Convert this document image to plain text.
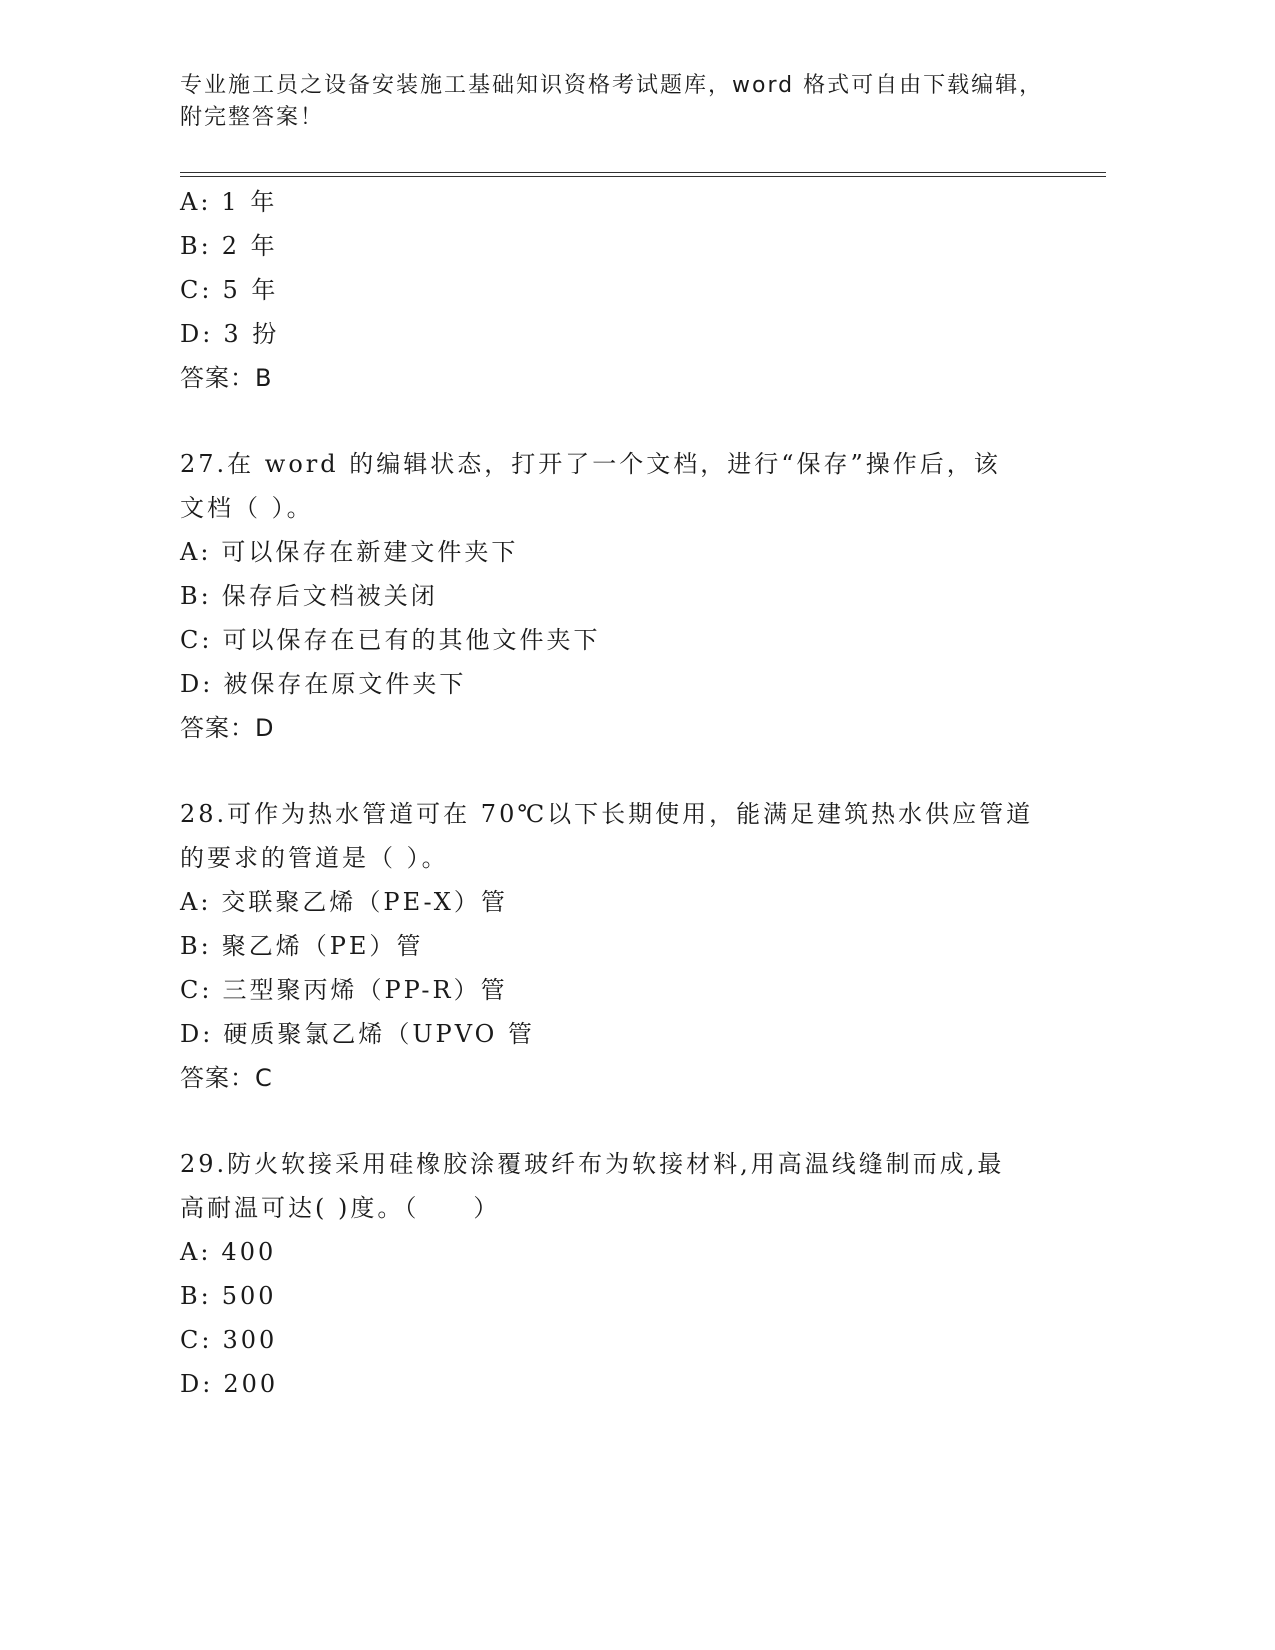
专业施工员之设备安装施工基础知识资格考试题库，word 格式可自由下载编辑，
附完整答案！
A: 1 年
B: 2 年
C: 5 年
D: 3 扮
答案：B
27.在 word 的编辑状态，打开了一个文档，进行“保存”操作后，该
文档（ ）。
A: 可以保存在新建文件夹下
B: 保存后文档被关闭
C: 可以保存在已有的其他文件夹下
D: 被保存在原文件夹下
答案：D
28.可作为热水管道可在 70℃以下长期使用，能满足建筑热水供应管道
的要求的管道是（ ）。
A: 交联聚乙烯（PE-X）管
B: 聚乙烯（PE）管
C: 三型聚丙烯（PP-R）管
D: 硬质聚氯乙烯（UPVO 管
答案：C
29.防火软接采用硅橡胶涂覆玻纤布为软接材料,用高温线缝制而成,最
高耐温可达( )度。（　　）
A: 400
B: 500
C: 300
D: 200
